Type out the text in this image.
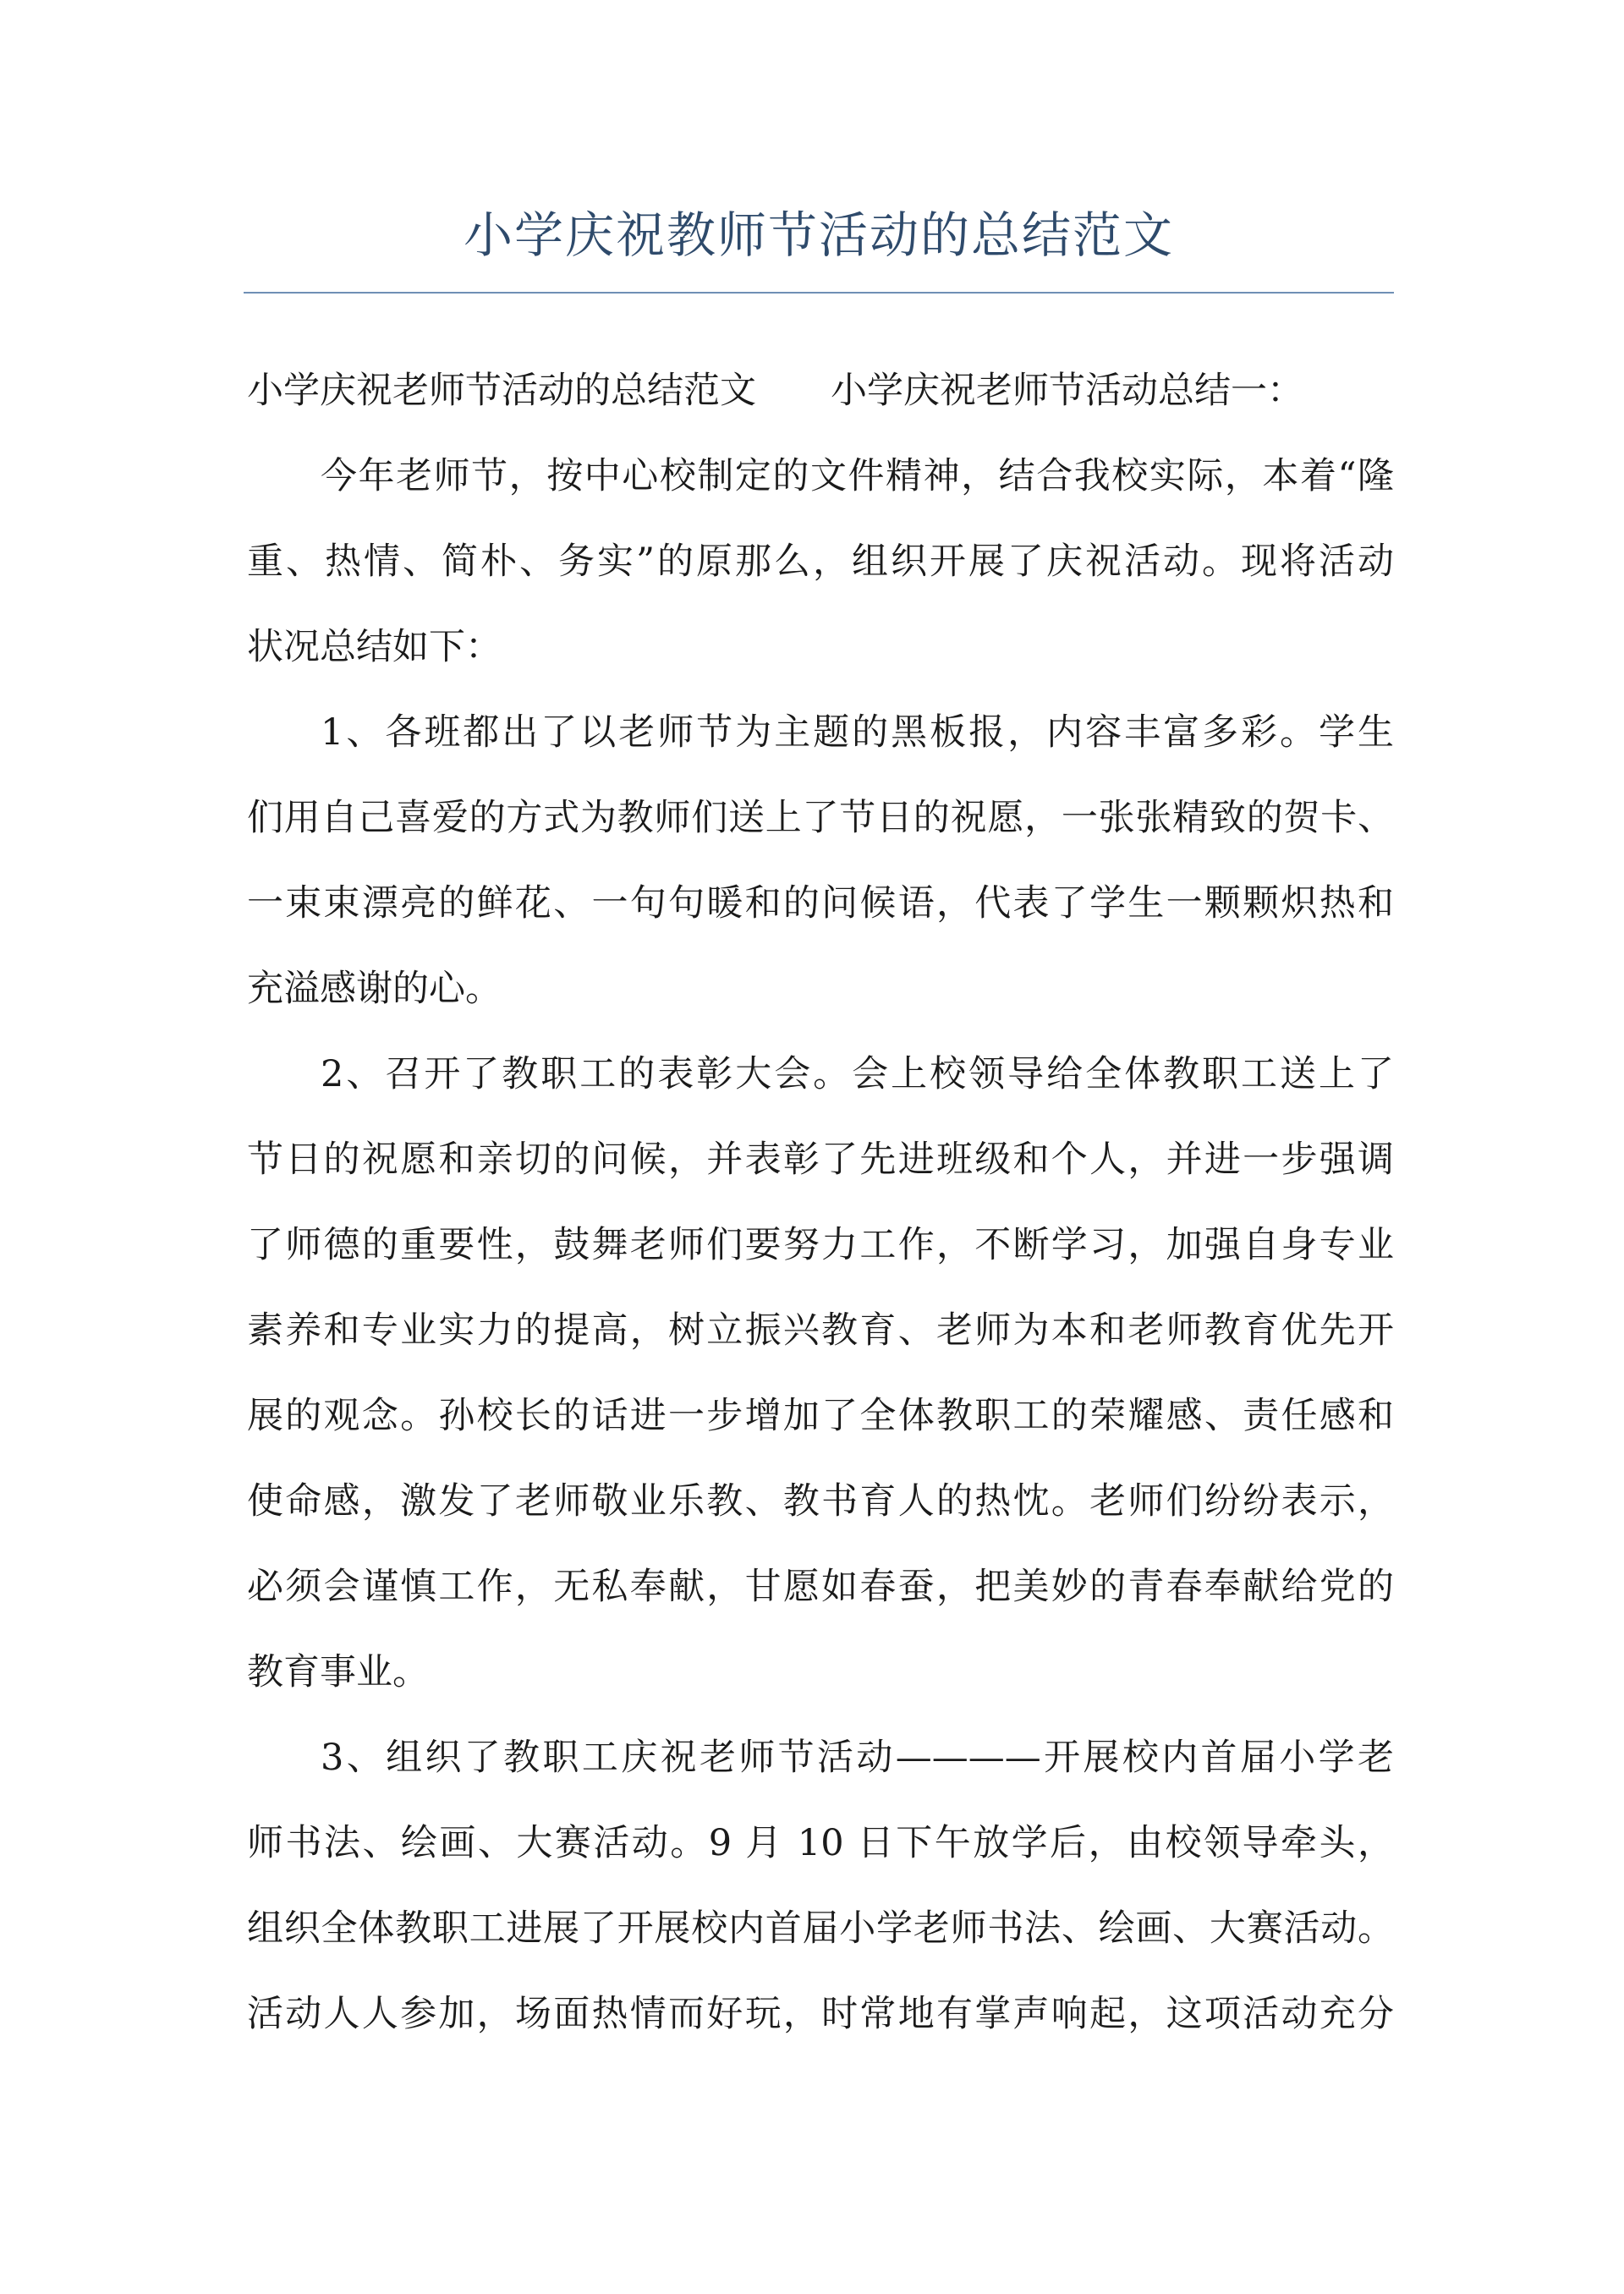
小学庆祝教师节活动的总结范文
小学庆祝老师节活动的总结范文 小学庆祝老师节活动总结一：
今年老师节，按中心校制定的文件精神，结合我校实际，本着“隆
重、热情、简朴、务实”的原那么，组织开展了庆祝活动。现将活动
状况总结如下：
1、各班都出了以老师节为主题的黑板报，内容丰富多彩。学生
们用自己喜爱的方式为教师们送上了节日的祝愿，一张张精致的贺卡、
一束束漂亮的鲜花、一句句暖和的问候语，代表了学生一颗颗炽热和
充溢感谢的心。
2、召开了教职工的表彰大会。会上校领导给全体教职工送上了
节日的祝愿和亲切的问候，并表彰了先进班级和个人，并进一步强调
了师德的重要性，鼓舞老师们要努力工作，不断学习，加强自身专业
素养和专业实力的提高，树立振兴教育、老师为本和老师教育优先开
展的观念。孙校长的话进一步增加了全体教职工的荣耀感、责任感和
使命感，激发了老师敬业乐教、教书育人的热忱。老师们纷纷表示，
必须会谨慎工作，无私奉献，甘愿如春蚕，把美妙的青春奉献给党的
教育事业。
3、组织了教职工庆祝老师节活动————开展校内首届小学老
师书法、绘画、大赛活动。9 月 10 日下午放学后，由校领导牵头，
组织全体教职工进展了开展校内首届小学老师书法、绘画、大赛活动。
活动人人参加，场面热情而好玩，时常地有掌声响起，这项活动充分
